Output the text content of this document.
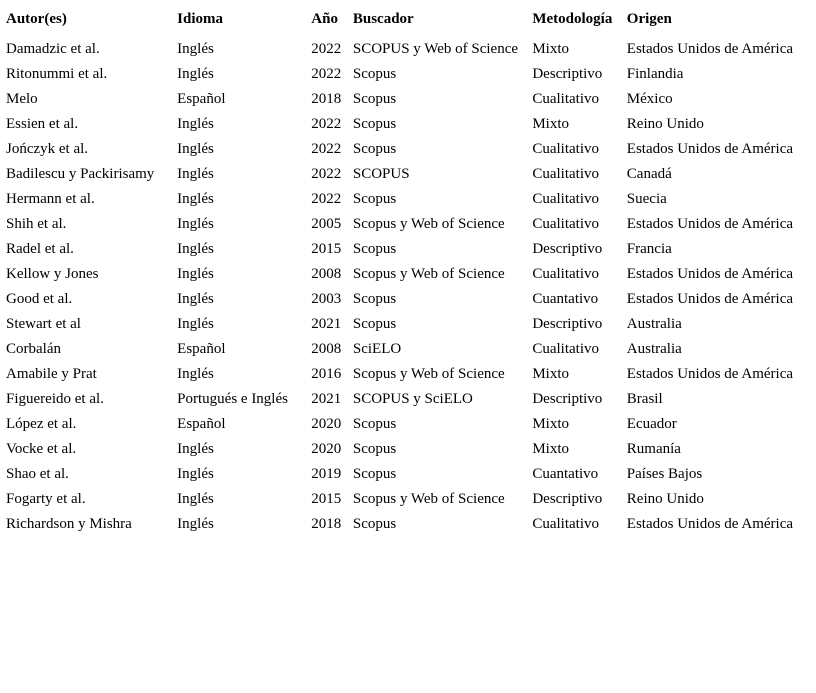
Autor(es)	Idioma	Año	Buscador	Metodología	Origen
Damadzic et al.	Inglés	2022	SCOPUS y Web of Science	Mixto	Estados Unidos de América
Ritonummi et al.	Inglés	2022	Scopus	Descriptivo	Finlandia
Melo	Español	2018	Scopus	Cualitativo	México
Essien et al.	Inglés	2022	Scopus	Mixto	Reino Unido
Jończyk et al.	Inglés	2022	Scopus	Cualitativo	Estados Unidos de América
Badilescu y Packirisamy	Inglés	2022	SCOPUS	Cualitativo	Canadá
Hermann et al.	Inglés	2022	Scopus	Cualitativo	Suecia
Shih et al.	Inglés	2005	Scopus y Web of Science	Cualitativo	Estados Unidos de América
Radel et al.	Inglés	2015	Scopus	Descriptivo	Francia
Kellow y Jones	Inglés	2008	Scopus y Web of Science	Cualitativo	Estados Unidos de América
Good et al.	Inglés	2003	Scopus	Cuantativo	Estados Unidos de América
Stewart et al	Inglés	2021	Scopus	Descriptivo	Australia
Corbalán	Español	2008	SciELO	Cualitativo	Australia
Amabile y Prat	Inglés	2016	Scopus y Web of Science	Mixto	Estados Unidos de América
Figuereido et al.	Portugués e Inglés	2021	SCOPUS y SciELO	Descriptivo	Brasil
López et al.	Español	2020	Scopus	Mixto	Ecuador
Vocke et al.	Inglés	2020	Scopus	Mixto	Rumanía
Shao et al.	Inglés	2019	Scopus	Cuantativo	Países Bajos
Fogarty et al.	Inglés	2015	Scopus y Web of Science	Descriptivo	Reino Unido
Richardson y Mishra	Inglés	2018	Scopus	Cualitativo	Estados Unidos de América
